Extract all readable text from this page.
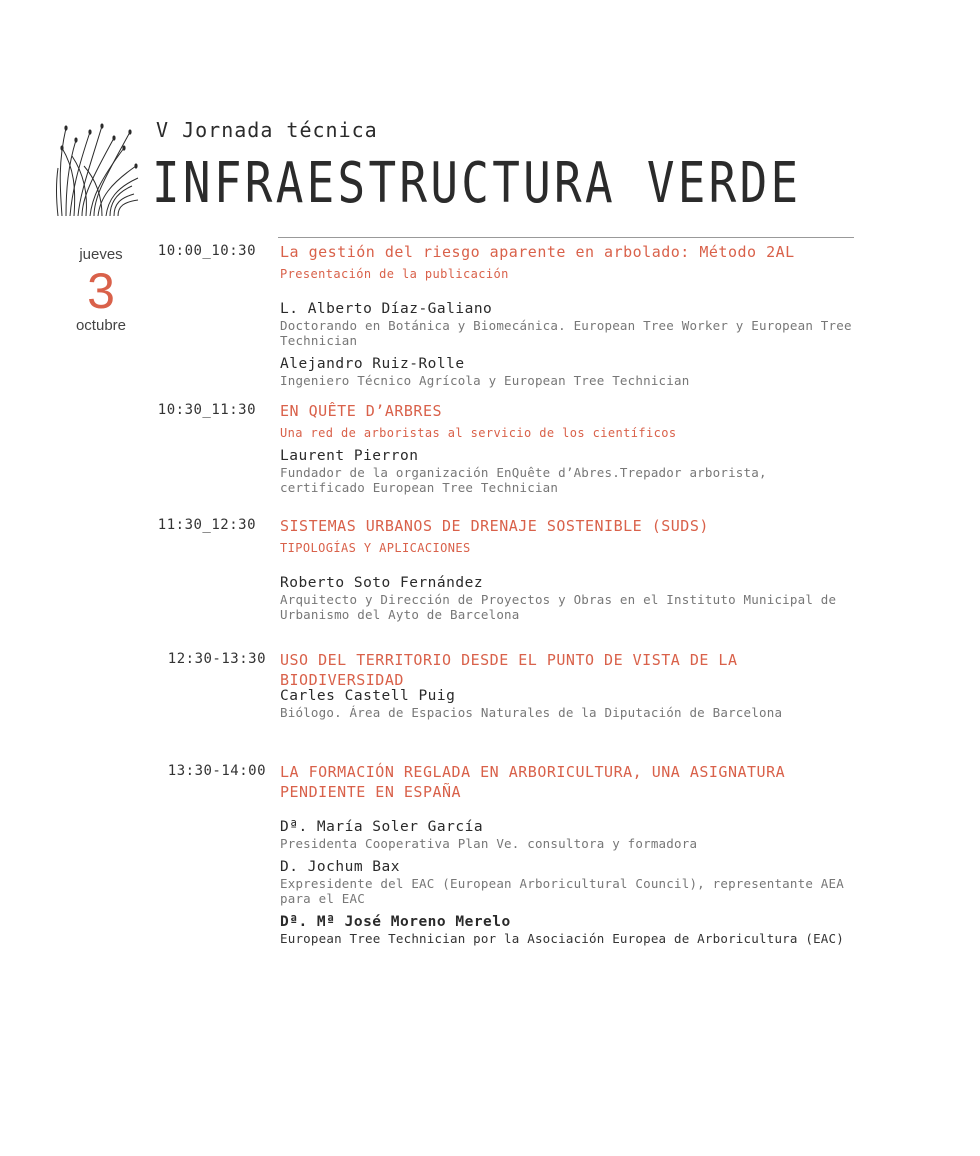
V Jornada técnica
INFRAESTRUCTURA VERDE
jueves
3
octubre
10:00_10:30 La gestión del riesgo aparente en arbolado: Método 2AL
Presentación de la publicación
L. Alberto Díaz-Galiano
Doctorando en Botánica y Biomecánica. European Tree Worker y European Tree Technician
Alejandro Ruiz-Rolle
Ingeniero Técnico Agrícola y European Tree Technician
10:30_11:30 EN QUÊTE D’ARBRES
Una red de arboristas al servicio de los científicos
Laurent Pierron
Fundador de la organización EnQuête d’Abres.Trepador arborista, certificado European Tree Technician
11:30_12:30 SISTEMAS URBANOS DE DRENAJE SOSTENIBLE (SUDS)
TIPOLOGÍAS Y APLICACIONES
Roberto Soto Fernández
Arquitecto y Dirección de Proyectos y Obras en el Instituto Municipal de Urbanismo del Ayto de Barcelona
12:30-13:30 USO DEL TERRITORIO DESDE EL PUNTO DE VISTA DE LA BIODIVERSIDAD
Carles Castell Puig
Biólogo. Área de Espacios Naturales de la Diputación de Barcelona
13:30-14:00 LA FORMACIÓN REGLADA EN ARBORICULTURA, UNA ASIGNATURA PENDIENTE EN ESPAÑA
Dª. María Soler García
Presidenta Cooperativa Plan Ve. consultora y formadora
D. Jochum Bax
Expresidente del EAC (European Arboricultural Council), representante AEA para el EAC
Dª. Mª José Moreno Merelo
European Tree Technician por la Asociación Europea de Arboricultura (EAC)
